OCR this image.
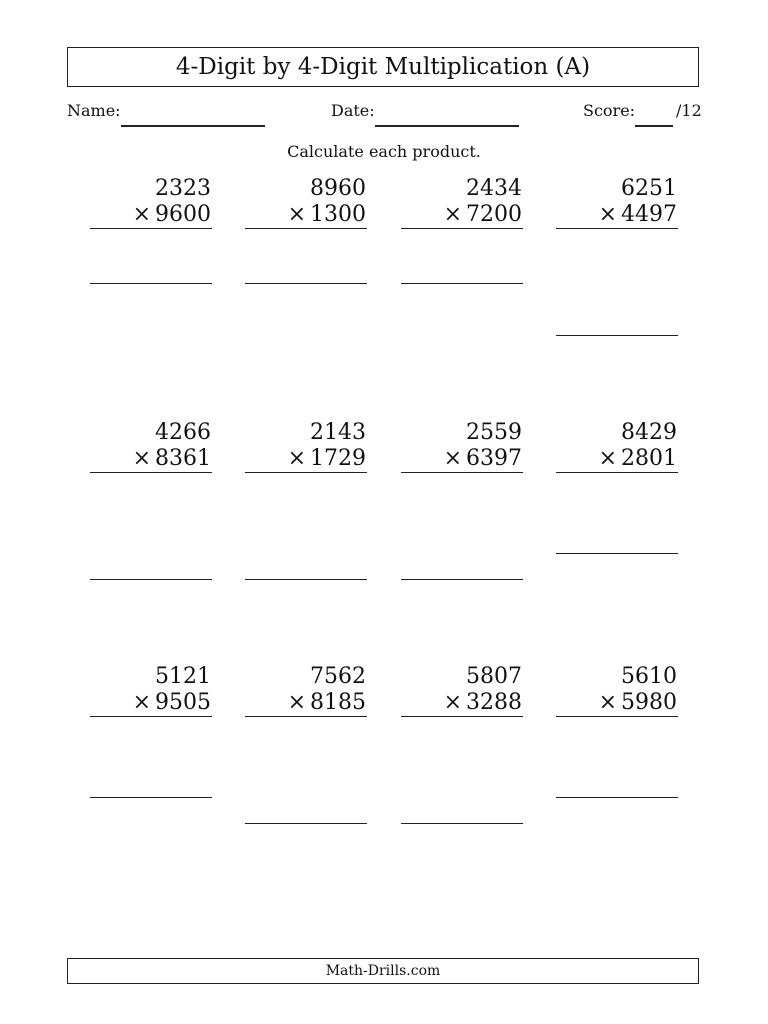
4-Digit by 4-Digit Multiplication (A)
Name:	Date:	Score:	/12
Calculate each product.
2323
× 9600
8960
× 1300
2434
× 7200
6251
× 4497
4266
× 8361
2143
× 1729
2559
× 6397
8429
× 2801
5121
× 9505
7562
× 8185
5807
× 3288
5610
× 5980
Math-Drills.com
